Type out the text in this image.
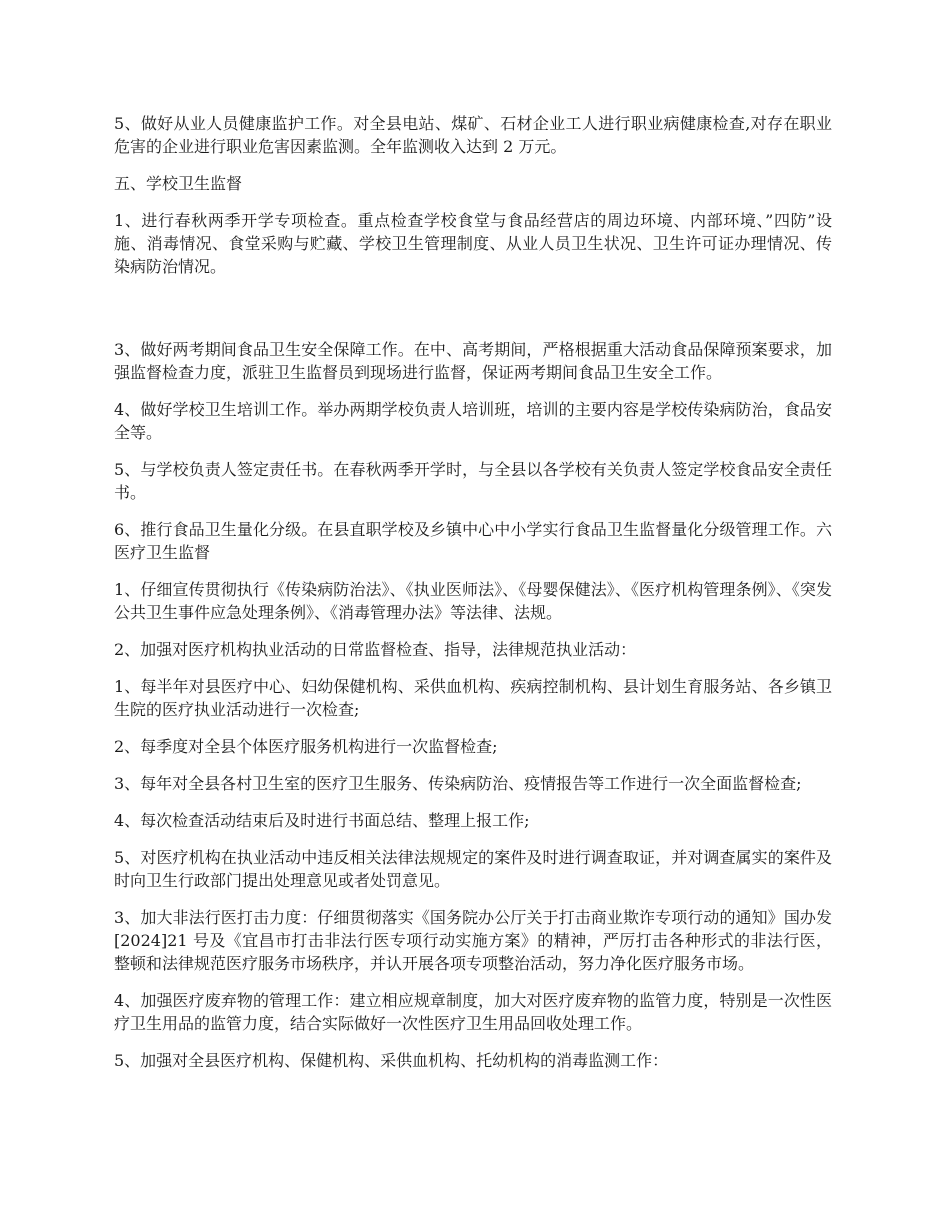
5、做好从业人员健康监护工作。对全县电站、煤矿、石材企业工人进行职业病健康检查,对存在职业危害的企业进行职业危害因素监测。全年监测收入达到 2 万元。

五、学校卫生监督

1、进行春秋两季开学专项检查。重点检查学校食堂与食品经营店的周边环境、内部环境、”四防”设施、消毒情况、食堂采购与贮藏、学校卫生管理制度、从业人员卫生状况、卫生许可证办理情况、传染病防治情况。

3、做好两考期间食品卫生安全保障工作。在中、高考期间，严格根据重大活动食品保障预案要求，加强监督检查力度，派驻卫生监督员到现场进行监督，保证两考期间食品卫生安全工作。

4、做好学校卫生培训工作。举办两期学校负责人培训班，培训的主要内容是学校传染病防治，食品安全等。

5、与学校负责人签定责任书。在春秋两季开学时，与全县以各学校有关负责人签定学校食品安全责任书。

6、推行食品卫生量化分级。在县直职学校及乡镇中心中小学实行食品卫生监督量化分级管理工作。六医疗卫生监督

1、仔细宣传贯彻执行《传染病防治法》、《执业医师法》、《母婴保健法》、《医疗机构管理条例》、《突发公共卫生事件应急处理条例》、《消毒管理办法》等法律、法规。

2、加强对医疗机构执业活动的日常监督检查、指导，法律规范执业活动：

1、每半年对县医疗中心、妇幼保健机构、采供血机构、疾病控制机构、县计划生育服务站、各乡镇卫生院的医疗执业活动进行一次检查;

2、每季度对全县个体医疗服务机构进行一次监督检查;

3、每年对全县各村卫生室的医疗卫生服务、传染病防治、疫情报告等工作进行一次全面监督检查;

4、每次检查活动结束后及时进行书面总结、整理上报工作;

5、对医疗机构在执业活动中违反相关法律法规规定的案件及时进行调查取证，并对调查属实的案件及时向卫生行政部门提出处理意见或者处罚意见。

3、加大非法行医打击力度：仔细贯彻落实《国务院办公厅关于打击商业欺诈专项行动的通知》国办发[2024]21 号及《宜昌市打击非法行医专项行动实施方案》的精神，严厉打击各种形式的非法行医，整顿和法律规范医疗服务市场秩序，并认开展各项专项整治活动，努力净化医疗服务市场。

4、加强医疗废弃物的管理工作：建立相应规章制度，加大对医疗废弃物的监管力度，特别是一次性医疗卫生用品的监管力度，结合实际做好一次性医疗卫生用品回收处理工作。

5、加强对全县医疗机构、保健机构、采供血机构、托幼机构的消毒监测工作：
